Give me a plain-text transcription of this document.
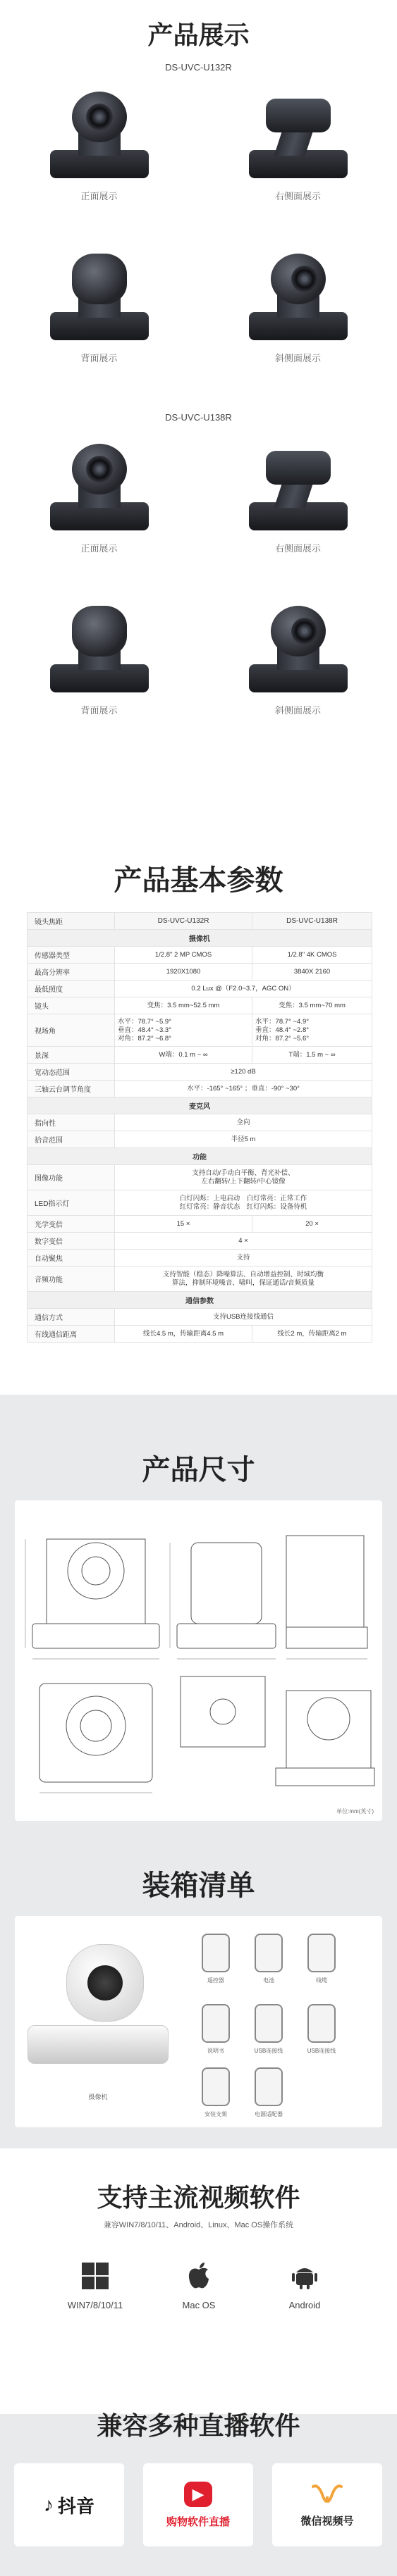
产品展示
DS-UVC-U132R
正面展示	右侧面展示
背面展示	斜侧面展示
DS-UVC-U138R
正面展示	右侧面展示
背面展示	斜侧面展示
产品基本参数
镜头焦距	DS-UVC-U132R	DS-UVC-U138R
摄像机		
传感器类型	1/2.8" 2 MP CMOS	1/2.8" 4K CMOS
最高分辨率	1920X1080	3840X 2160
最低照度	0.2 Lux @（F2.0~3.7，AGC ON）	
镜头	变焦：3.5 mm~52.5 mm	变焦：3.5 mm~70 mm
视场角	水平：78.7° ~5.9°
垂直：48.4° ~3.3°
对角：87.2° ~6.8°	水平：78.7° ~4.9°
垂直：48.4° ~2.8°
对角：87.2° ~5.6°
景深	W端：0.1 m ~ ∞	T端：1.5 m ~ ∞
宽动态范围	≥120 dB	
三轴云台调节角度	水平：-165° ~165° ；垂直：-90° ~30°	
麦克风		
指向性	全向	
拾音范围	半径5 m	
功能		
图像功能	支持自动/手动白平衡、背光补偿、
左右翻转/上下翻转/中心镜像	
LED指示灯	白灯闪烁：上电启动　白灯常亮：正常工作
红灯常亮：静音状态　红灯闪烁：设备待机	
光学变倍	15 ×	20 ×
数字变倍	4 ×	
自动聚焦	支持	
音频功能	支持智能（稳态）降噪算法、自动增益控制、时域均衡
算法，抑制环境噪音、啸叫，保证通话/音频质量	
通信参数		
通信方式	支持USB连接线通信	
有线通信距离	线长4.5 m，传输距离4.5 m	线长2 m，传输距离2 m
产品尺寸
单位:mm(英寸)
装箱清单
摄像机
遥控器	电池	线缆
说明书	USB连接线	USB连接线
安装支架	电源适配器
支持主流视频软件
兼容WIN7/8/10/11、Android、Linux、Mac OS操作系统
WIN7/8/10/11	Mac OS	Android
兼容多种直播软件
♪ 抖音
▶
购物软件直播	微信视频号
